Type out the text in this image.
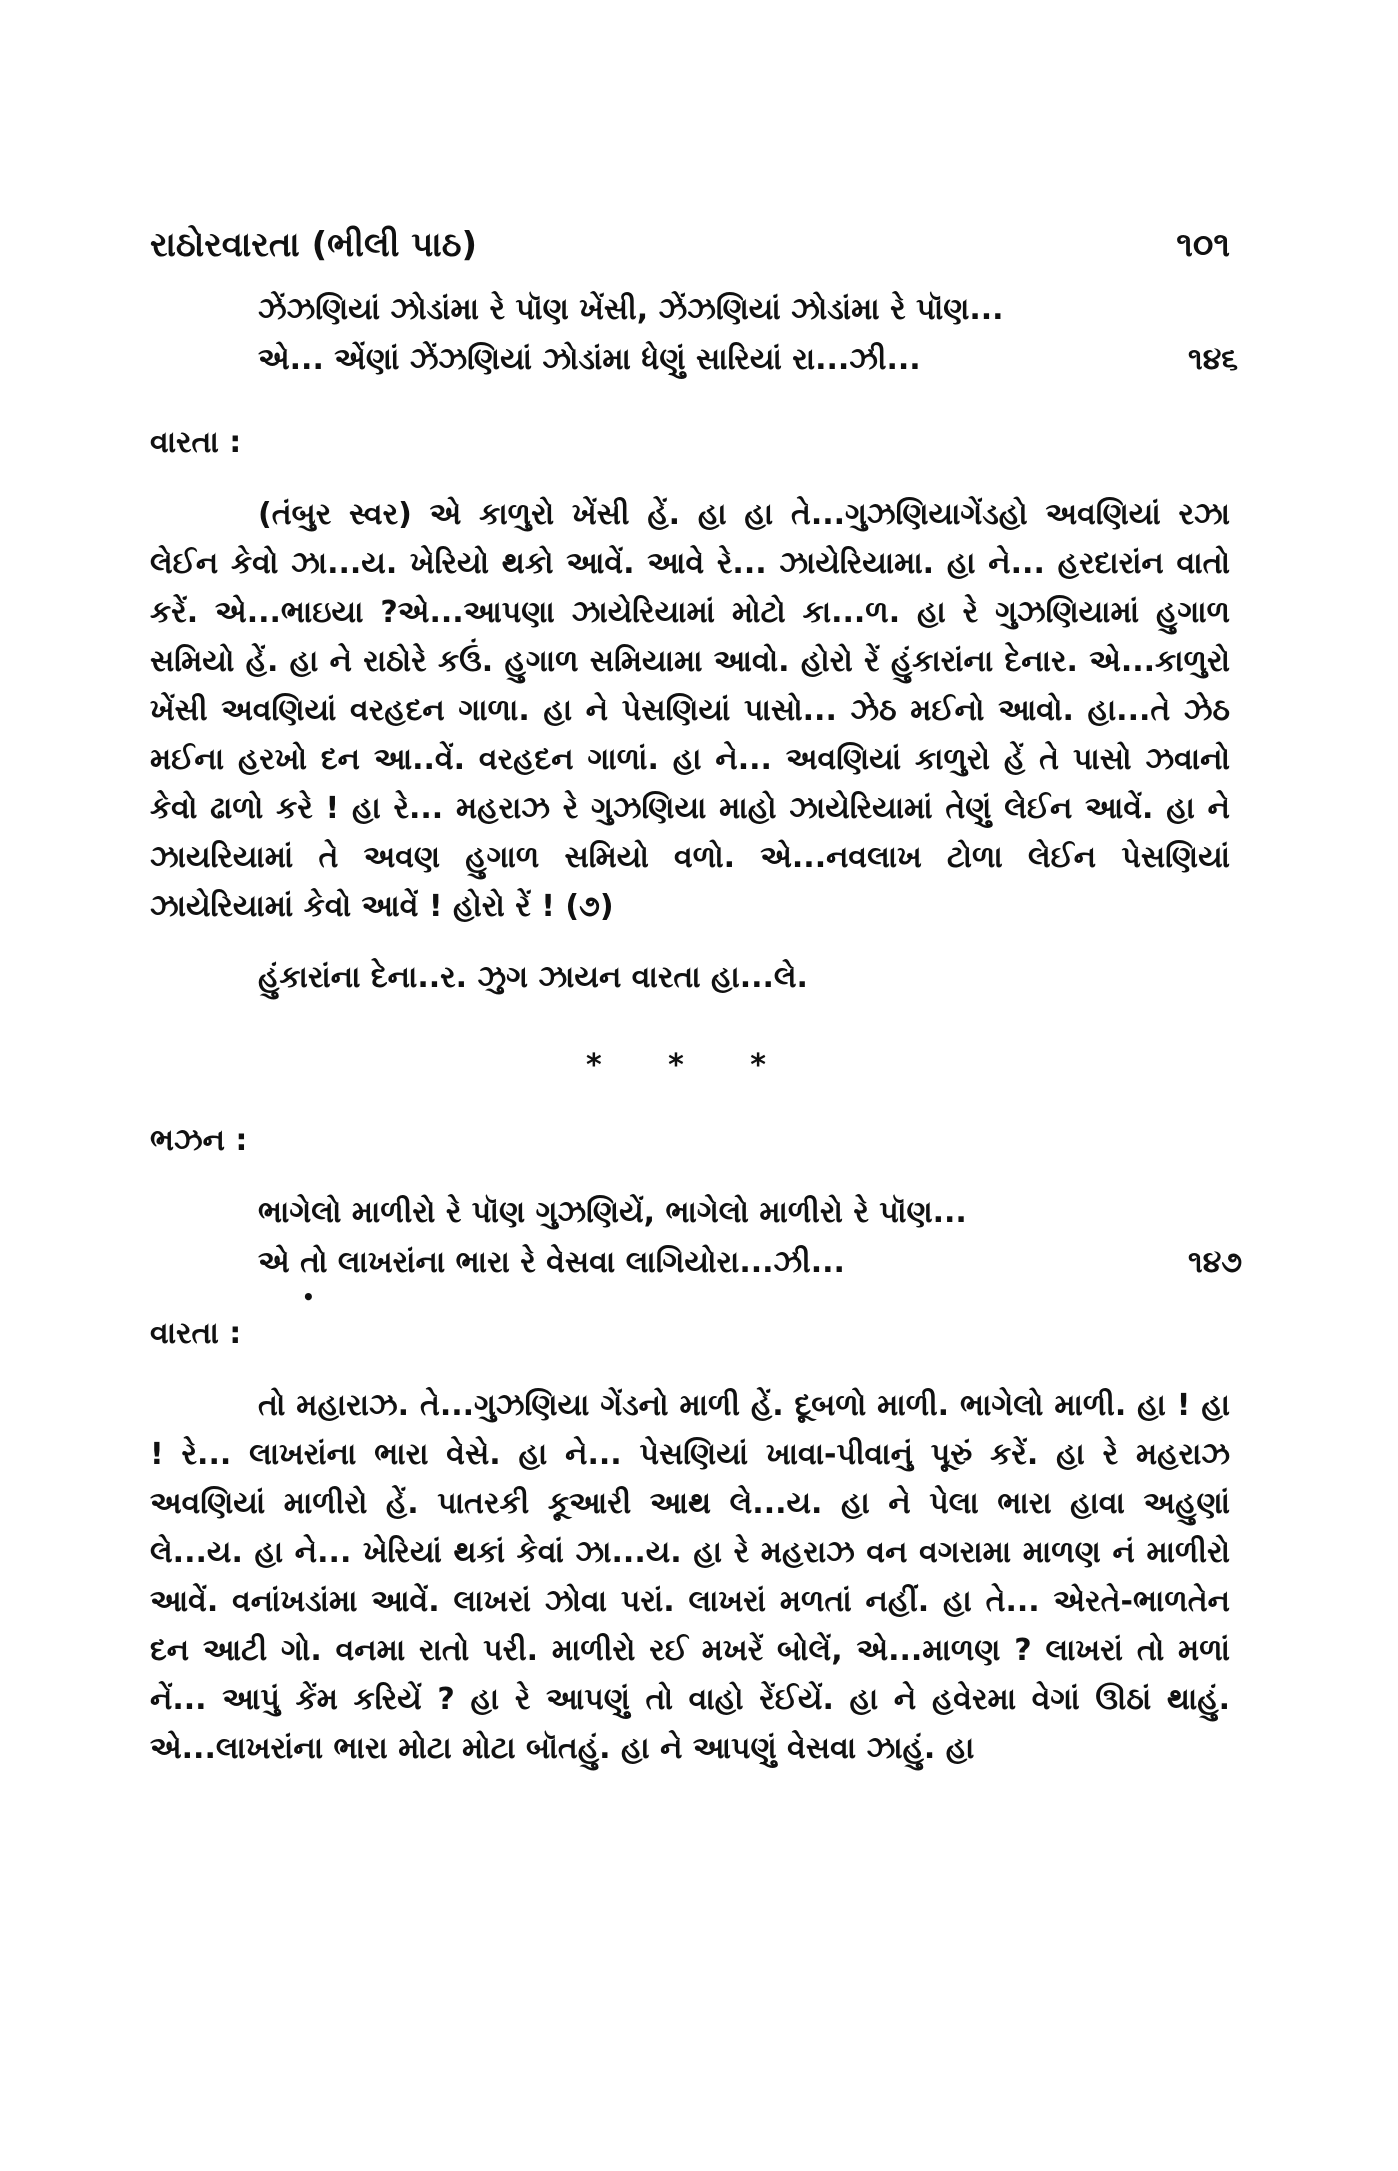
રાઠોરવારતા (ભીલી પાઠ)	૧૦૧
ઝેંઝણિયાં ઝોડાંમા રે પૉણ ખેંસી, ઝેંઝણિયાં ઝોડાંમા રે પૉણ...
એ... એંણાં ઝેંઝણિયાં ઝોડાંમા ધેણું સારિયાં રા...ઝી...	૧૪૬
વારતા :

(તંબુર સ્વર) એ કાળુરો ખેંસી હેં. હા હા તે...ગુઝણિયાગેંડહો અવણિયાં રઝા લેઈન કેવો ઝા...ય. ખેરિયો થકો આવેં. આવે રે... ઝાયેરિયામા. હા ને... હરદારાંન વાતો કરેં. એ...ભાઇયા ?એ...આપણા ઝાયેરિયામાં મોટો કા...ળ. હા રે ગુઝણિયામાં હુગાળ સમિયો હેં. હા ને રાઠોરે કઉં. હુગાળ સમિયામા આવો. હોરો રેં હુંકારાંના દેનાર. એ...કાળુરો ખેંસી અવણિયાં વરહદન ગાળા. હા ને પેસણિયાં પાસો... ઝેઠ મઈનો આવો. હા...તે ઝેઠ મઈના હરખો દન આ..વેં. વરહદન ગાળાં. હા ને... અવણિયાં કાળુરો હેં તે પાસો ઝવાનો કેવો ઢાળો કરે ! હા રે... મહરાઝ રે ગુઝણિયા માહો ઝાયેરિયામાં તેણું લેઈન આવેં. હા ને ઝાયરિયામાં તે અવણ હુગાળ સમિયો વળો. એ...નવલાખ ટોળા લેઈન પેસણિયાં ઝાયેરિયામાં કેવો આવેં ! હોરો રેં ! (૭)

હુંકારાંના દેના..ર. ઝુગ ઝાયન વારતા હા...લે.

* * *
ભઝન :
ભાગેલો માળીરો રે પૉણ ગુઝણિયેં, ભાગેલો માળીરો રે પૉણ...
એ તો લાખરાંના ભારા રે વેસવા લાગિયોરા...ઝી...	૧૪૭
•
વારતા :

તો મહારાઝ. તે...ગુઝણિયા ગેંડનો માળી હેં. દૂબળો માળી. ભાગેલો માળી. હા ! હા ! રે... લાખરાંના ભારા વેસે. હા ને... પેસણિયાં ખાવા-પીવાનું પૂરું કરેં. હા રે મહરાઝ અવણિયાં માળીરો હેં. પાતરકી કૂઆરી આથ લે...ય. હા ને પેલા ભારા હાવા અહુણાં લે...ય. હા ને... ખેરિયાં થકાં કેવાં ઝા...ય. હા રે મહરાઝ વન વગરામા માળણ નં માળીરો આવેં. વનાંખડાંમા આવેં. લાખરાં ઝોવા પરાં. લાખરાં મળતાં નહીં. હા તે... એરતે-ભાળતેન દન આટી ગો. વનમા રાતો પરી. માળીરો રઈ મખરેં બોલેં, એ...માળણ ? લાખરાં તો મળાં નેં... આપું કેંમ કરિયેં ? હા રે આપણું તો વાહો રેંઈયેં. હા ને હવેરમા વેગાં ઊઠાં થાહું. એ...લાખરાંના ભારા મોટા મોટા બૉતહું. હા ને આપણું વેસવા ઝાહું. હા
